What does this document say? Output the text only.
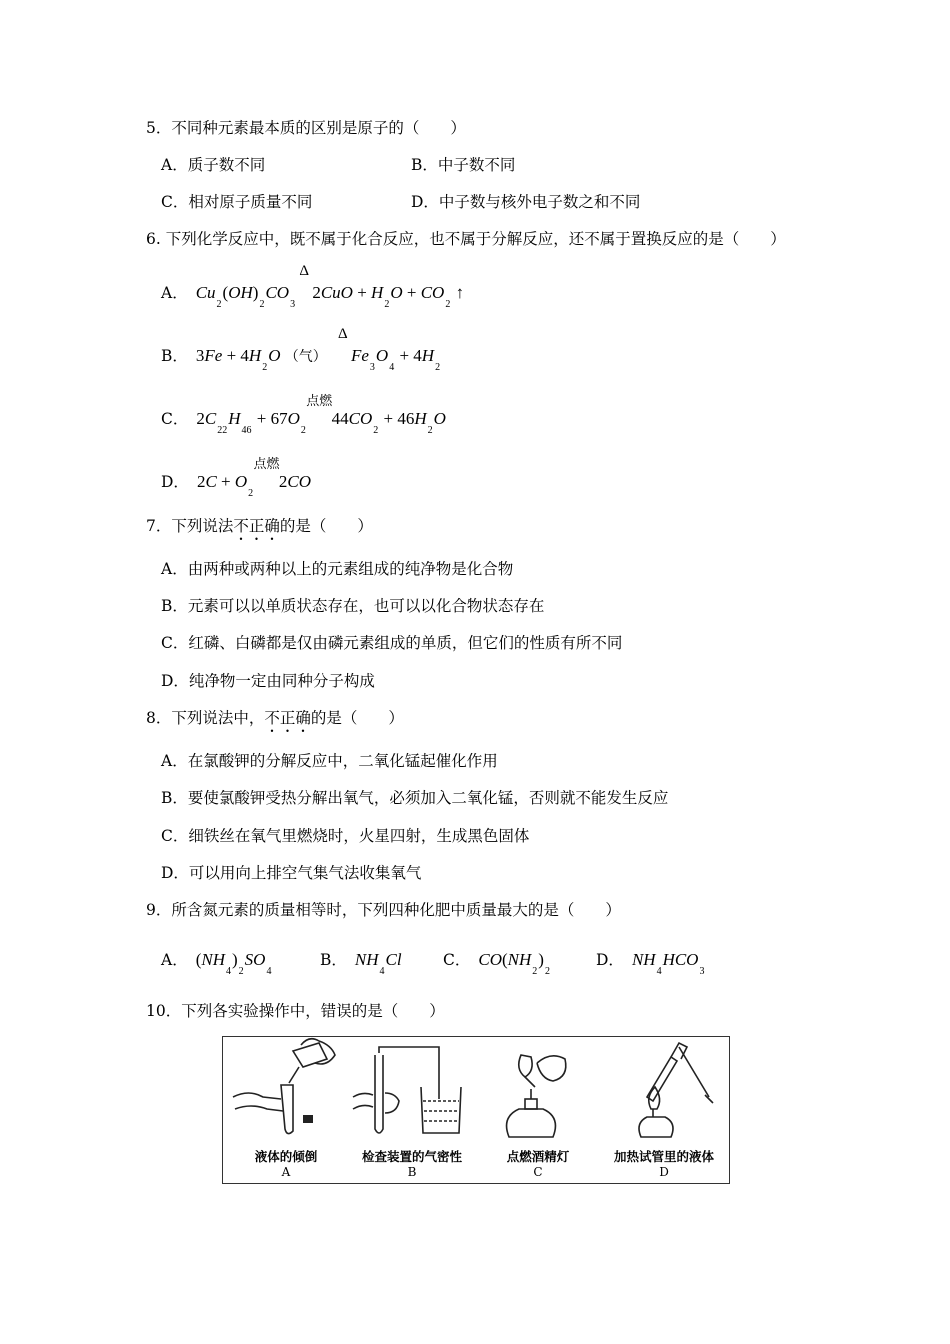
5．不同种元素最本质的区别是原子的（　　）
A．质子数不同	B．中子数不同
C．相对原子质量不同	D．中子数与核外电子数之和不同
6. 下列化学反应中，既不属于化合反应，也不属于分解反应，还不属于置换反应的是（　　）
A． $Cu_2(OH)_2CO_3$
Δ
$2CuO + H_2O + CO_2$ ↑
B． $3Fe + 4H_2O$ （气）
Δ
$Fe_3O_4 + 4H_2$
C． $2C_{22}H_{46} + 67O_2$
点燃
$44CO_2 + 46H_2O$
D． $2C + O_2$
点燃
2CO
7．下列说法不正确的是（　　）
A．由两种或两种以上的元素组成的纯净物是化合物
B．元素可以以单质状态存在，也可以以化合物状态存在
C．红磷、白磷都是仅由磷元素组成的单质，但它们的性质有所不同
D．纯净物一定由同种分子构成
8．下列说法中，不正确的是（　　）
A．在氯酸钾的分解反应中，二氧化锰起催化作用
B．要使氯酸钾受热分解出氧气，必须加入二氧化锰，否则就不能发生反应
C．细铁丝在氧气里燃烧时，火星四射，生成黑色固体
D．可以用向上排空气集气法收集氧气
9．所含氮元素的质量相等时，下列四种化肥中质量最大的是（　　）
A． $(NH_4)_2SO_4$
B． $NH_4Cl$	C． $CO(NH_2)_2$
D． $NH_4HCO_3$
10．下列各实验操作中，错误的是（　　）
液体的倾倒
A
检查装置的气密性
B
点燃酒精灯
C
加热试管里的液体
D
